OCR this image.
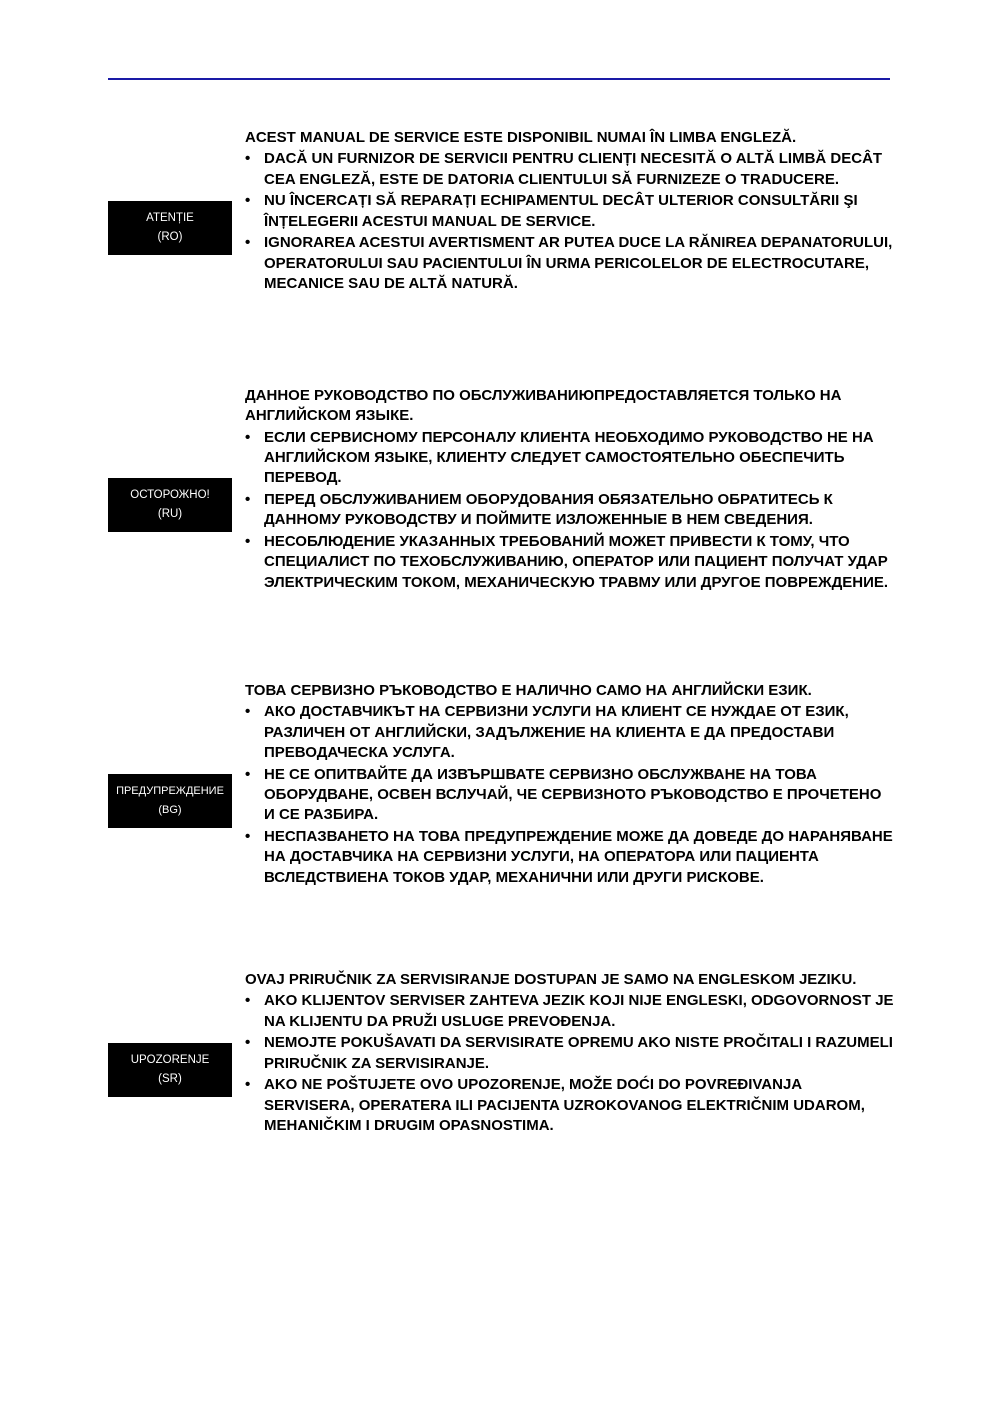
ATENȚIE
(RO)

ACEST MANUAL DE SERVICE ESTE DISPONIBIL NUMAI ÎN LIMBA ENGLEZĂ.

• DACĂ UN FURNIZOR DE SERVICII PENTRU CLIENȚI NECESITĂ O ALTĂ LIMBĂ DECÂT CEA ENGLEZĂ, ESTE DE DATORIA CLIENTULUI SĂ FURNIZEZE O TRADUCERE.
• NU ÎNCERCAȚI SĂ REPARAȚI ECHIPAMENTUL DECÂT ULTERIOR CONSULTĂRII ŞI ÎNȚELEGERII ACESTUI MANUAL DE SERVICE.
• IGNORAREA ACESTUI AVERTISMENT AR PUTEA DUCE LA RĂNIREA DEPANATORULUI, OPERATORULUI SAU PACIENTULUI ÎN URMA PERICOLELOR DE ELECTROCUTARE, MECANICE SAU DE ALTĂ NATURĂ.
ОСТОРОЖНО!
(RU)

ДАННОЕ РУКОВОДСТВО ПО ОБСЛУЖИВАНИЮПРЕДОСТАВЛЯЕТСЯ ТОЛЬКО НА АНГЛИЙСКОМ ЯЗЫКЕ.

• ЕСЛИ СЕРВИСНОМУ ПЕРСОНАЛУ КЛИЕНТА НЕОБХОДИМО РУКОВОДСТВО НЕ НА АНГЛИЙСКОМ ЯЗЫКЕ, КЛИЕНТУ СЛЕДУЕТ САМОСТОЯТЕЛЬНО ОБЕСПЕЧИТЬ ПЕРЕВОД.
• ПЕРЕД ОБСЛУЖИВАНИЕМ ОБОРУДОВАНИЯ ОБЯЗАТЕЛЬНО ОБРАТИТЕСЬ К ДАННОМУ РУКОВОДСТВУ И ПОЙМИТЕ ИЗЛОЖЕННЫЕ В НЕМ СВЕДЕНИЯ.
• НЕСОБЛЮДЕНИЕ УКАЗАННЫХ ТРЕБОВАНИЙ МОЖЕТ ПРИВЕСТИ К ТОМУ, ЧТО СПЕЦИАЛИСТ ПО ТЕХОБСЛУЖИВАНИЮ, ОПЕРАТОР ИЛИ ПАЦИЕНТ ПОЛУЧАТ УДАР ЭЛЕКТРИЧЕСКИМ ТОКОМ, МЕХАНИЧЕСКУЮ ТРАВМУ ИЛИ ДРУГОЕ ПОВРЕЖДЕНИЕ.
ПРЕДУПРЕЖДЕНИЕ
(BG)

ТОВА СЕРВИЗНО РЪКОВОДСТВО Е НАЛИЧНО САМО НА АНГЛИЙСКИ ЕЗИК.

• АКО ДОСТАВЧИКЪТ НА СЕРВИЗНИ УСЛУГИ НА КЛИЕНТ СЕ НУЖДАЕ ОТ ЕЗИК, РАЗЛИЧЕН ОТ АНГЛИЙСКИ, ЗАДЪЛЖЕНИЕ НА КЛИЕНТА Е ДА ПРЕДОСТАВИ ПРЕВОДАЧЕСКА УСЛУГА.
• НЕ СЕ ОПИТВАЙТЕ ДА ИЗВЪРШВАТЕ СЕРВИЗНО ОБСЛУЖВАНЕ НА ТОВА ОБОРУДВАНЕ, ОСВЕН ВСЛУЧАЙ, ЧЕ СЕРВИЗНОТО РЪКОВОДСТВО Е ПРОЧЕТЕНО И СЕ РАЗБИРА.
• НЕСПАЗВАНЕТО НА ТОВА ПРЕДУПРЕЖДЕНИЕ МОЖЕ ДА ДОВЕДЕ ДО НАРАНЯВАНЕ НА ДОСТАВЧИКА НА СЕРВИЗНИ УСЛУГИ, НА ОПЕРАТОРА ИЛИ ПАЦИЕНТА ВСЛЕДСТВИЕНА ТОКОВ УДАР, МЕХАНИЧНИ ИЛИ ДРУГИ РИСКОВЕ.
UPOZORENJE
(SR)

OVAJ PRIRUČNIK ZA SERVISIRANJE DOSTUPAN JE SAMO NA ENGLESKOM JEZIKU.

• AKO KLIJENTOV SERVISER ZAHTEVA JEZIK KOJI NIJE ENGLESKI, ODGOVORNOST JE NA KLIJENTU DA PRUŽI USLUGE PREVOĐENJA.
• NEMOJTE POKUŠAVATI DA SERVISIRATE OPREMU AKO NISTE PROČITALI I RAZUMELI PRIRUČNIK ZA SERVISIRANJE.
• AKO NE POŠTUJETE OVO UPOZORENJE, MOŽE DOĆI DO POVREĐIVANJA SERVISERA, OPERATERA ILI PACIJENTA UZROKOVANOG ELEKTRIČNIM UDAROM, MEHANIČKIM I DRUGIM OPASNOSTIMA.
